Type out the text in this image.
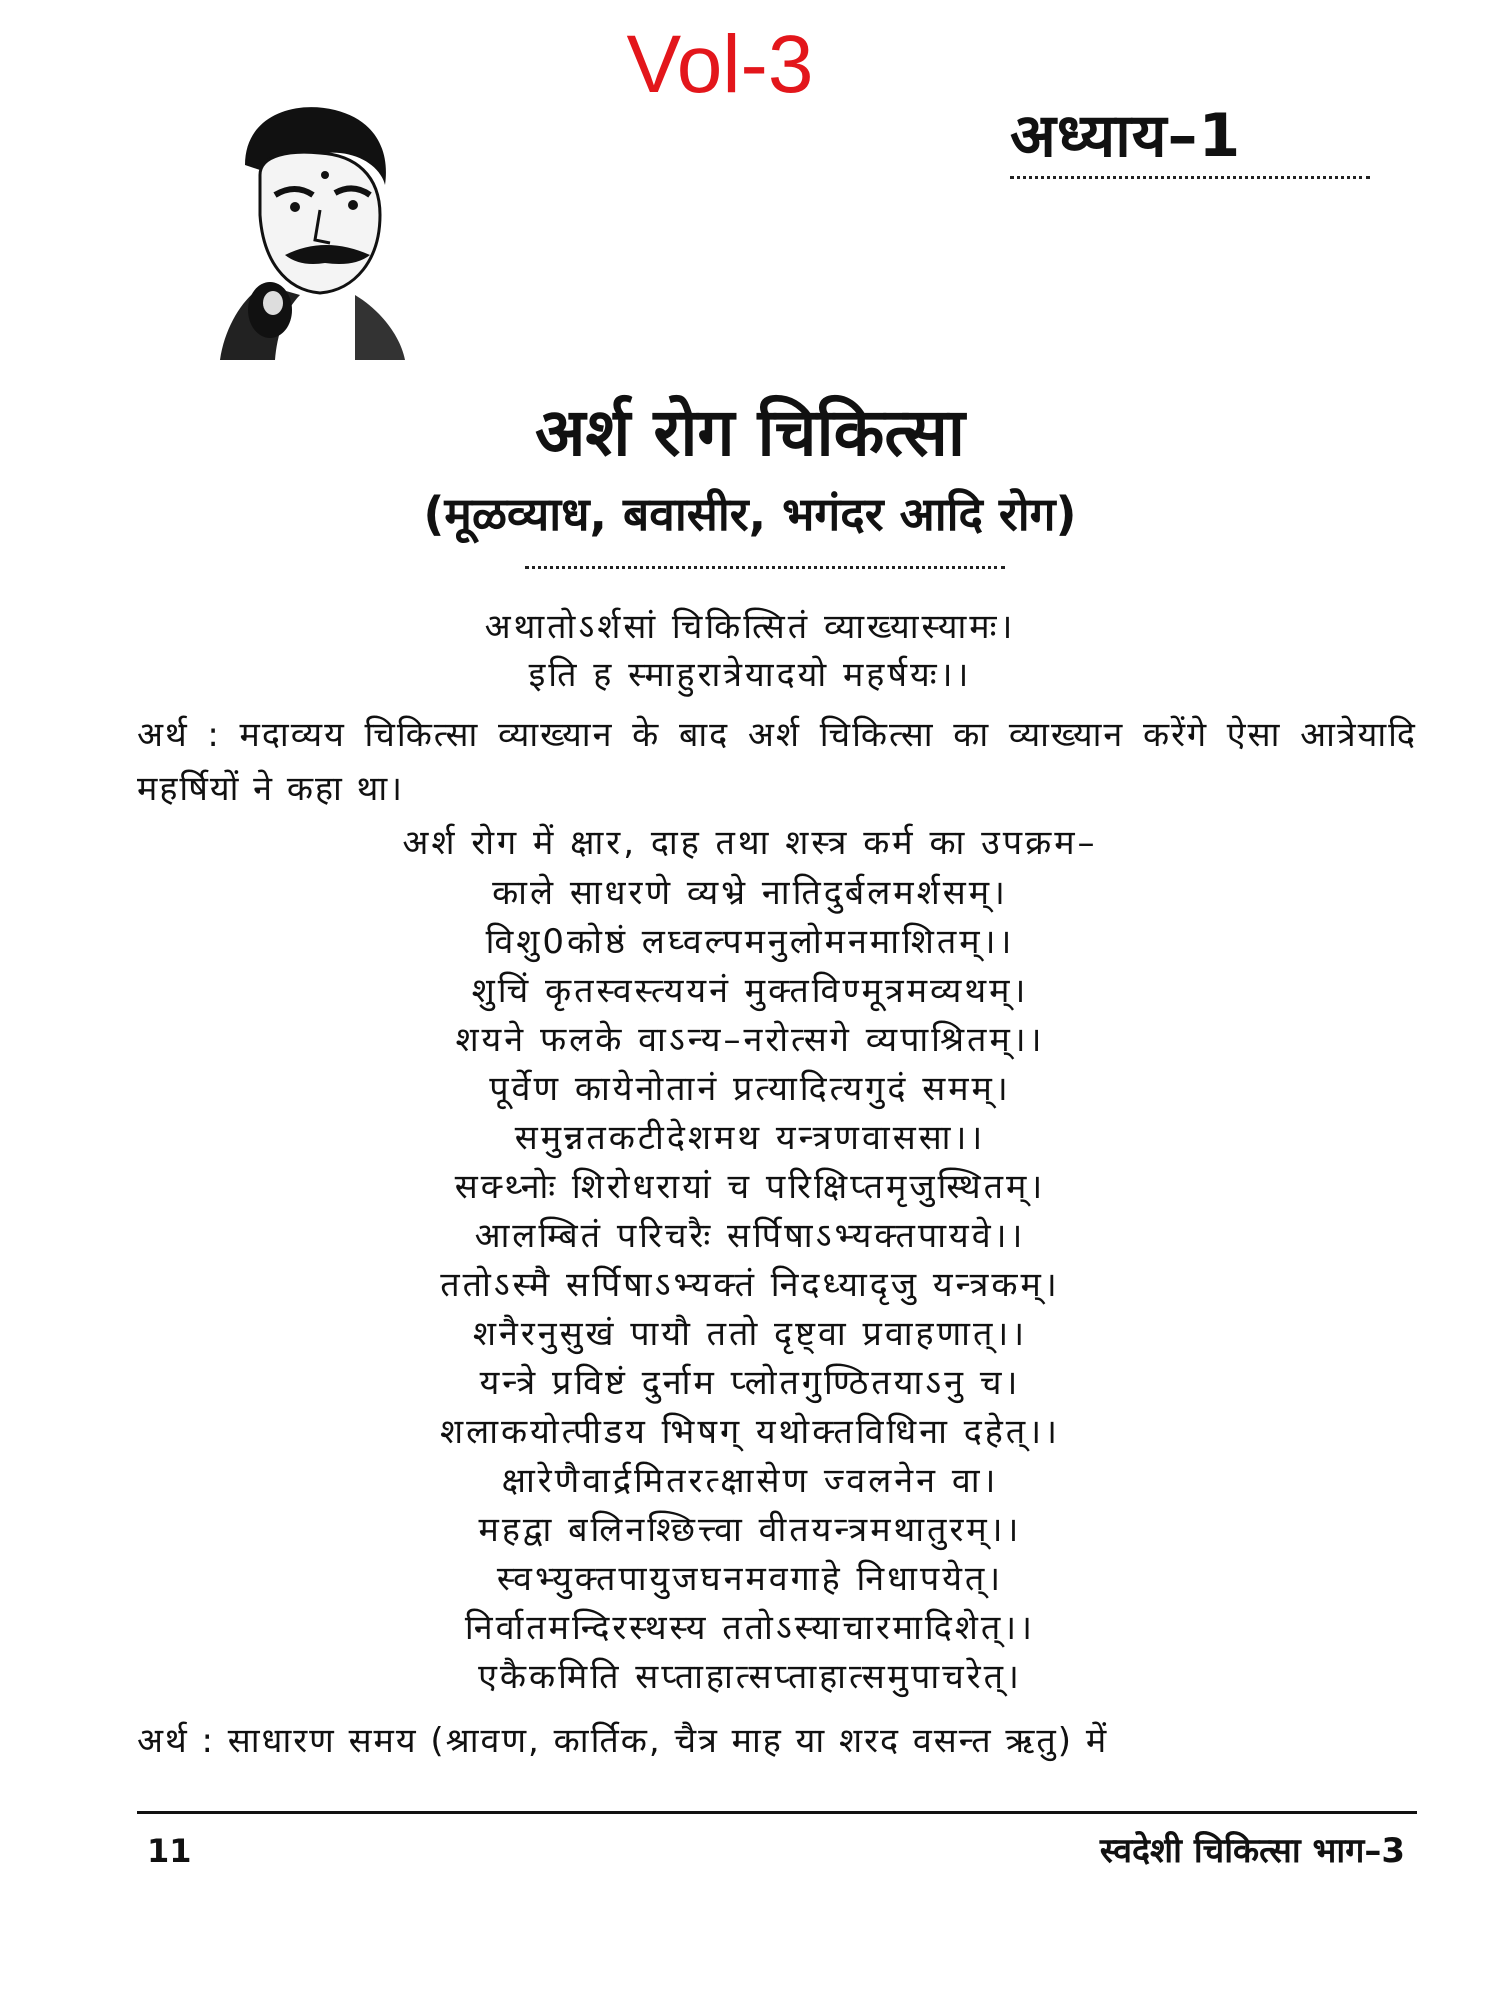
Vol-3
अध्याय–1
अर्श रोग चिकित्सा
(मूळव्याध, बवासीर, भगंदर आदि रोग)
अथातोऽर्शसां चिकित्सितं व्याख्यास्यामः।
इति ह स्माहुरात्रेयादयो महर्षयः।।
अर्थ : मदाव्यय चिकित्सा व्याख्यान के बाद अर्श चिकित्सा का व्याख्यान करेंगे ऐसा आत्रेयादि महर्षियों ने कहा था।
अर्श रोग में क्षार, दाह तथा शस्त्र कर्म का उपक्रम–
काले साधरणे व्यभ्रे नातिदुर्बलमर्शसम्।
विशु0कोष्ठं लघ्वल्पमनुलोमनमाशितम्।।
शुचिं कृतस्वस्त्ययनं मुक्तविण्मूत्रमव्यथम्।
शयने फलके वाऽन्य–नरोत्सगे व्यपाश्रितम्।।
पूर्वेण कायेनोतानं प्रत्यादित्यगुदं समम्।
समुन्नतकटीदेशमथ यन्त्रणवाससा।।
सक्थ्नोः शिरोधरायां च परिक्षिप्तमृजुस्थितम्।
आलम्बितं परिचरैः सर्पिषाऽभ्यक्तपायवे।।
ततोऽस्मै सर्पिषाऽभ्यक्तं निदध्यादृजु यन्त्रकम्।
शनैरनुसुखं पायौ ततो दृष्ट्वा प्रवाहणात्।।
यन्त्रे प्रविष्टं दुर्नाम प्लोतगुण्ठितयाऽनु च।
शलाकयोत्पीडय भिषग् यथोक्तविधिना दहेत्।।
क्षारेणैवार्द्रमितरत्क्षासेण ज्वलनेन वा।
महद्वा बलिनश्छित्त्वा वीतयन्त्रमथातुरम्।।
स्वभ्युक्तपायुजघनमवगाहे निधापयेत्।
निर्वातमन्दिरस्थस्य ततोऽस्याचारमादिशेत्।।
एकैकमिति सप्ताहात्सप्ताहात्समुपाचरेत्।
अर्थ : साधारण समय (श्रावण, कार्तिक, चैत्र माह या शरद वसन्त ऋतु) में
11	स्वदेशी चिकित्सा भाग–3
